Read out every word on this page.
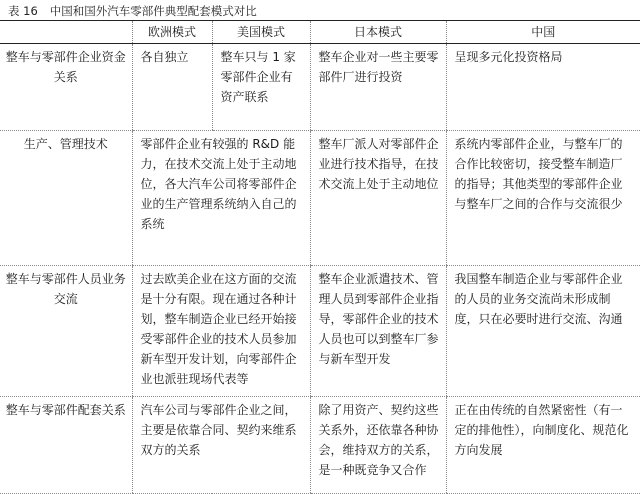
表 16 中国和国外汽车零部件典型配套模式对比
	欧洲模式	美国模式	日本模式	中国
整车与零部件企业资金关系	各自独立	整车只与 1 家零部件企业有资产联系	整车企业对一些主要零部件厂进行投资	呈现多元化投资格局
生产、管理技术	零部件企业有较强的 R&D 能力，在技术交流上处于主动地位，各大汽车公司将零部件企业的生产管理系统纳入自己的系统		整车厂派人对零部件企业进行技术指导，在技术交流上处于主动地位	系统内零部件企业，与整车厂的合作比较密切，接受整车制造厂的指导；其他类型的零部件企业与整车厂之间的合作与交流很少
整车与零部件人员业务交流	过去欧美企业在这方面的交流是十分有限。现在通过各种计划，整车制造企业已经开始接受零部件企业的技术人员参加新车型开发计划，向零部件企业也派驻现场代表等		整车企业派遣技术、管理人员到零部件企业指导，零部件企业的技术人员也可以到整车厂参与新车型开发	我国整车制造企业与零部件企业的人员的业务交流尚未形成制度，只在必要时进行交流、沟通
整车与零部件配套关系	汽车公司与零部件企业之间，主要是依靠合同、契约来维系双方的关系		除了用资产、契约这些关系外，还依靠各种协会，维持双方的关系，是一种既竞争又合作	正在由传统的自然紧密性（有一定的排他性），向制度化、规范化方向发展
